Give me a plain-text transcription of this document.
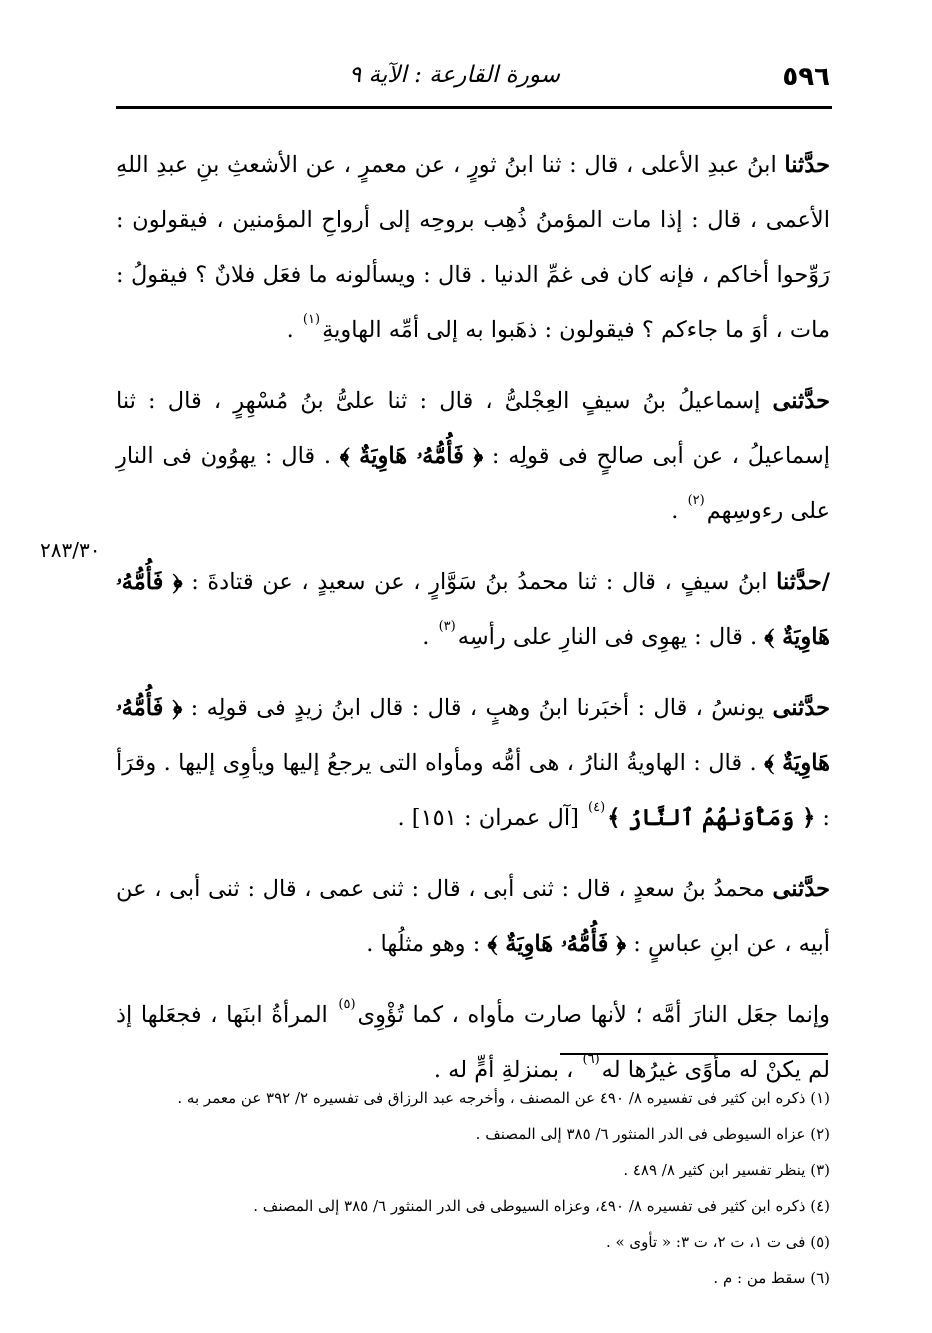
٥٩٦
سورة القارعة : الآية ٩
٢٨٣/٣٠

حدَّثنا ابنُ عبدِ الأعلى ، قال : ثنا ابنُ ثورٍ ، عن معمرٍ ، عن الأشعثِ بنِ عبدِ اللهِ الأعمى ، قال : إذا مات المؤمنُ ذُهِب بروحِه إلى أرواحِ المؤمنين ، فيقولون : رَوِّحوا أخاكم ، فإنه كان فى غمِّ الدنيا . قال : ويسألونه ما فعَل فلانٌ ؟ فيقولُ : مات ، أوَ ما جاءكم ؟ فيقولون : ذهَبوا به إلى أمِّه الهاويةِ$^{(١)}$ .

حدَّثنى إسماعيلُ بنُ سيفٍ العِجْلىُّ ، قال : ثنا علىُّ بنُ مُسْهِرٍ ، قال : ثنا إسماعيلُ ، عن أبى صالحٍ فى قولِه : ﴿ فَأُمُّهُۥ هَاوِيَةٌ ﴾ . قال : يهوُون فى النارِ على رءوسِهم$^{(٢)}$ .

/حدَّثنا ابنُ سيفٍ ، قال : ثنا محمدُ بنُ سَوَّارٍ ، عن سعيدٍ ، عن قتادةَ : ﴿ فَأُمُّهُۥ هَاوِيَةٌ ﴾ . قال : يهوِى فى النارِ على رأسِه$^{(٣)}$ .

حدَّثنى يونسُ ، قال : أخبَرنا ابنُ وهبٍ ، قال : قال ابنُ زيدٍ فى قولِه : ﴿ فَأُمُّهُۥ هَاوِيَةٌ ﴾ . قال : الهاويةُ النارُ ، هى أمُّه ومأواه التى يرجعُ إليها ويأوِى إليها . وقرَأ : ﴿ وَمَأْوَىٰهُمُ ٱلنَّارُ ﴾$^{(٤)}$ [آل عمران : ١٥١] .

حدَّثنى محمدُ بنُ سعدٍ ، قال : ثنى أبى ، قال : ثنى عمى ، قال : ثنى أبى ، عن أبيه ، عن ابنِ عباسٍ : ﴿ فَأُمُّهُۥ هَاوِيَةٌ ﴾ : وهو مثلُها .

وإنما جعَل النارَ أمَّه ؛ لأنها صارت مأواه ، كما تُؤْوِى$^{(٥)}$ المرأةُ ابنَها ، فجعَلها إذ لم يكنْ له مأوًى غيرُها له$^{(٦)}$ ، بمنزلةِ أمٍّ له .

(١) ذكره ابن كثير فى تفسيره ٨/ ٤٩٠ عن المصنف ، وأخرجه عبد الرزاق فى تفسيره ٢/ ٣٩٢ عن معمر به .
(٢) عزاه السيوطى فى الدر المنثور ٦/ ٣٨٥ إلى المصنف .
(٣) ينظر تفسير ابن كثير ٨/ ٤٨٩ .
(٤) ذكره ابن كثير فى تفسيره ٨/ ٤٩٠، وعزاه السيوطى فى الدر المنثور ٦/ ٣٨٥ إلى المصنف .
(٥) فى ت ١، ت ٢، ت ٣: « تأوى » .
(٦) سقط من : م .
